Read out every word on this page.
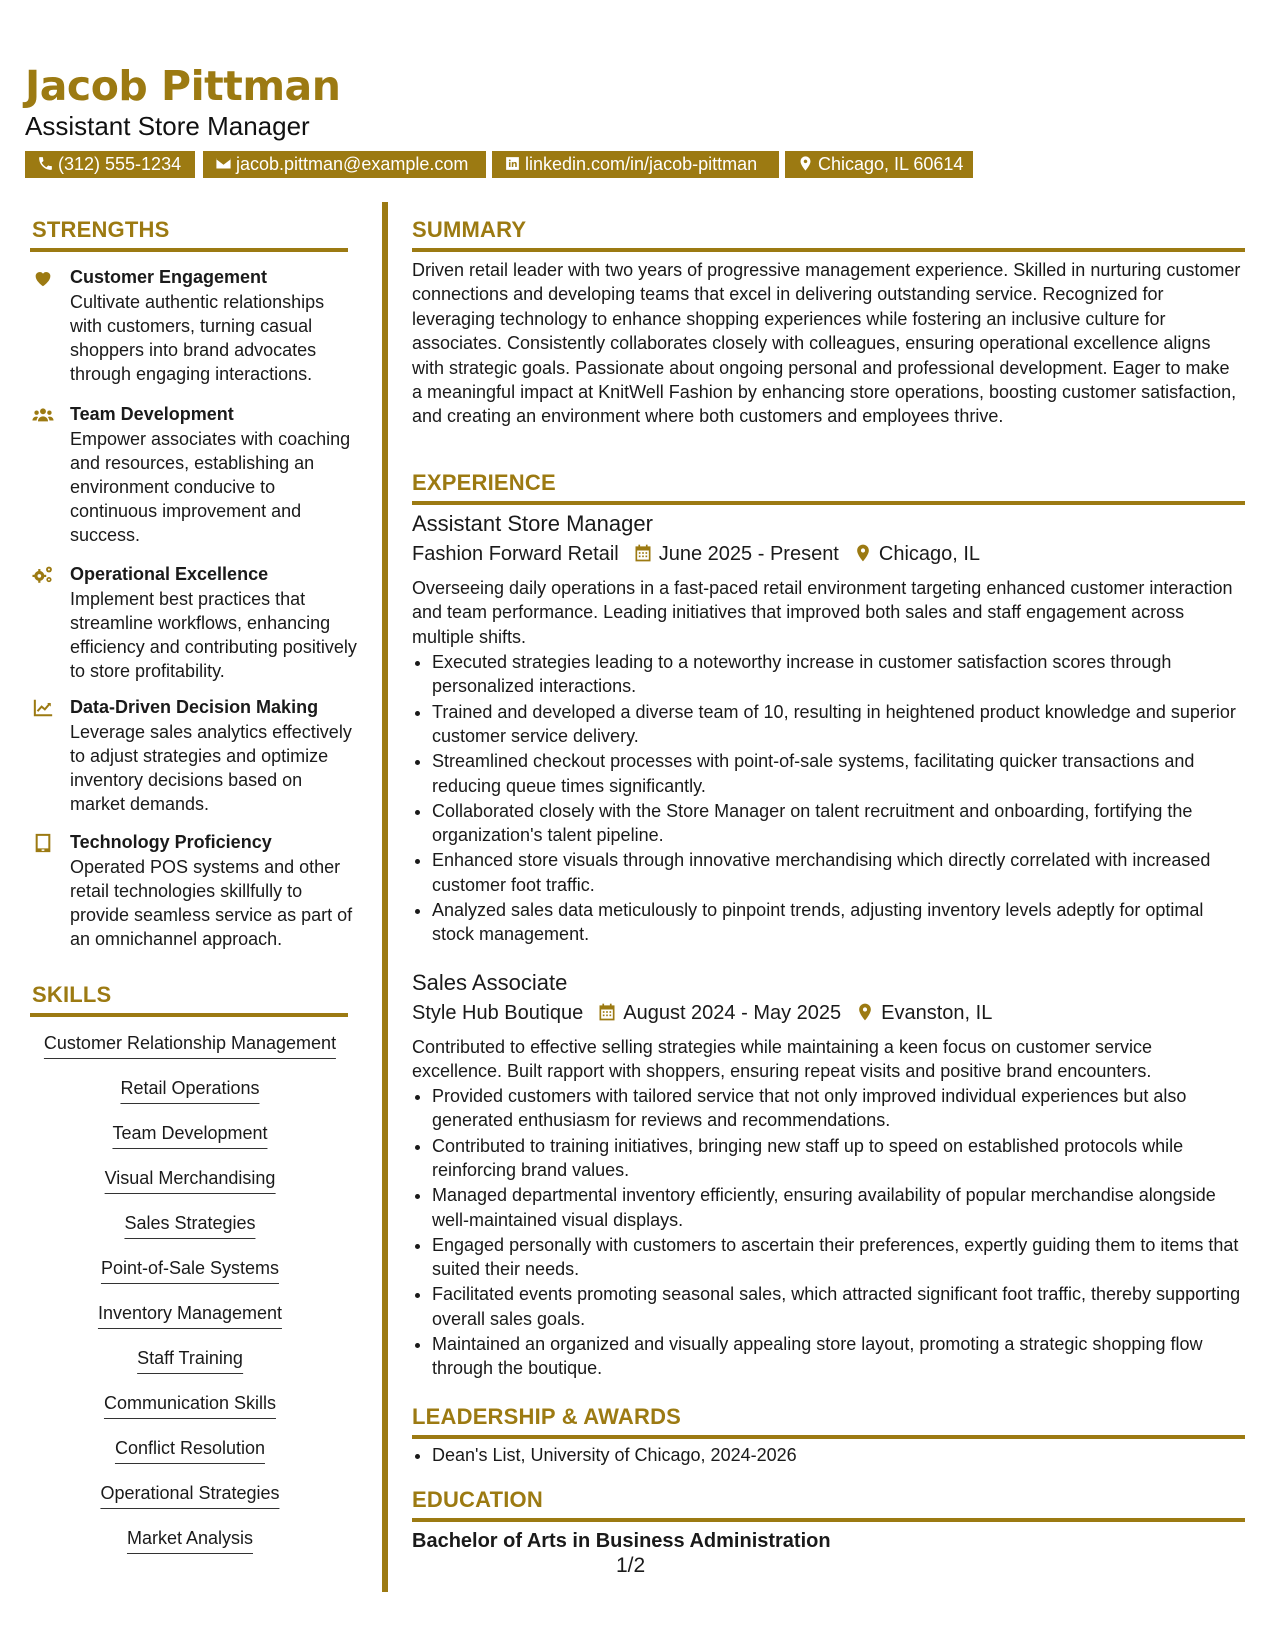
Jacob Pittman
Assistant Store Manager
(312) 555-1234	jacob.pittman@example.com	linkedin.com/in/jacob-pittman	Chicago, IL 60614
STRENGTHS
Customer Engagement
Cultivate authentic relationships with customers, turning casual shoppers into brand advocates through engaging interactions.
Team Development
Empower associates with coaching and resources, establishing an environment conducive to continuous improvement and success.
Operational Excellence
Implement best practices that streamline workflows, enhancing efficiency and contributing positively to store profitability.
Data-Driven Decision Making
Leverage sales analytics effectively to adjust strategies and optimize inventory decisions based on market demands.
Technology Proficiency
Operated POS systems and other retail technologies skillfully to provide seamless service as part of an omnichannel approach.
SKILLS
Customer Relationship Management
Retail Operations
Team Development
Visual Merchandising
Sales Strategies
Point-of-Sale Systems
Inventory Management
Staff Training
Communication Skills
Conflict Resolution
Operational Strategies
Market Analysis
SUMMARY

Driven retail leader with two years of progressive management experience. Skilled in nurturing customer connections and developing teams that excel in delivering outstanding service. Recognized for leveraging technology to enhance shopping experiences while fostering an inclusive culture for associates. Consistently collaborates closely with colleagues, ensuring operational excellence aligns with strategic goals. Passionate about ongoing personal and professional development. Eager to make a meaningful impact at KnitWell Fashion by enhancing store operations, boosting customer satisfaction, and creating an environment where both customers and employees thrive.

EXPERIENCE
Assistant Store Manager
Fashion Forward Retail June 2025 - Present Chicago, IL

Overseeing daily operations in a fast-paced retail environment targeting enhanced customer interaction and team performance. Leading initiatives that improved both sales and staff engagement across multiple shifts.

• Executed strategies leading to a noteworthy increase in customer satisfaction scores through personalized interactions.
• Trained and developed a diverse team of 10, resulting in heightened product knowledge and superior customer service delivery.
• Streamlined checkout processes with point-of-sale systems, facilitating quicker transactions and reducing queue times significantly.
• Collaborated closely with the Store Manager on talent recruitment and onboarding, fortifying the organization's talent pipeline.
• Enhanced store visuals through innovative merchandising which directly correlated with increased customer foot traffic.
• Analyzed sales data meticulously to pinpoint trends, adjusting inventory levels adeptly for optimal stock management.
Sales Associate
Style Hub Boutique August 2024 - May 2025 Evanston, IL

Contributed to effective selling strategies while maintaining a keen focus on customer service excellence. Built rapport with shoppers, ensuring repeat visits and positive brand encounters.

• Provided customers with tailored service that not only improved individual experiences but also generated enthusiasm for reviews and recommendations.
• Contributed to training initiatives, bringing new staff up to speed on established protocols while reinforcing brand values.
• Managed departmental inventory efficiently, ensuring availability of popular merchandise alongside well-maintained visual displays.
• Engaged personally with customers to ascertain their preferences, expertly guiding them to items that suited their needs.
• Facilitated events promoting seasonal sales, which attracted significant foot traffic, thereby supporting overall sales goals.
• Maintained an organized and visually appealing store layout, promoting a strategic shopping flow through the boutique.
LEADERSHIP & AWARDS
• Dean's List, University of Chicago, 2024-2026
EDUCATION
Bachelor of Arts in Business Administration
1/2
